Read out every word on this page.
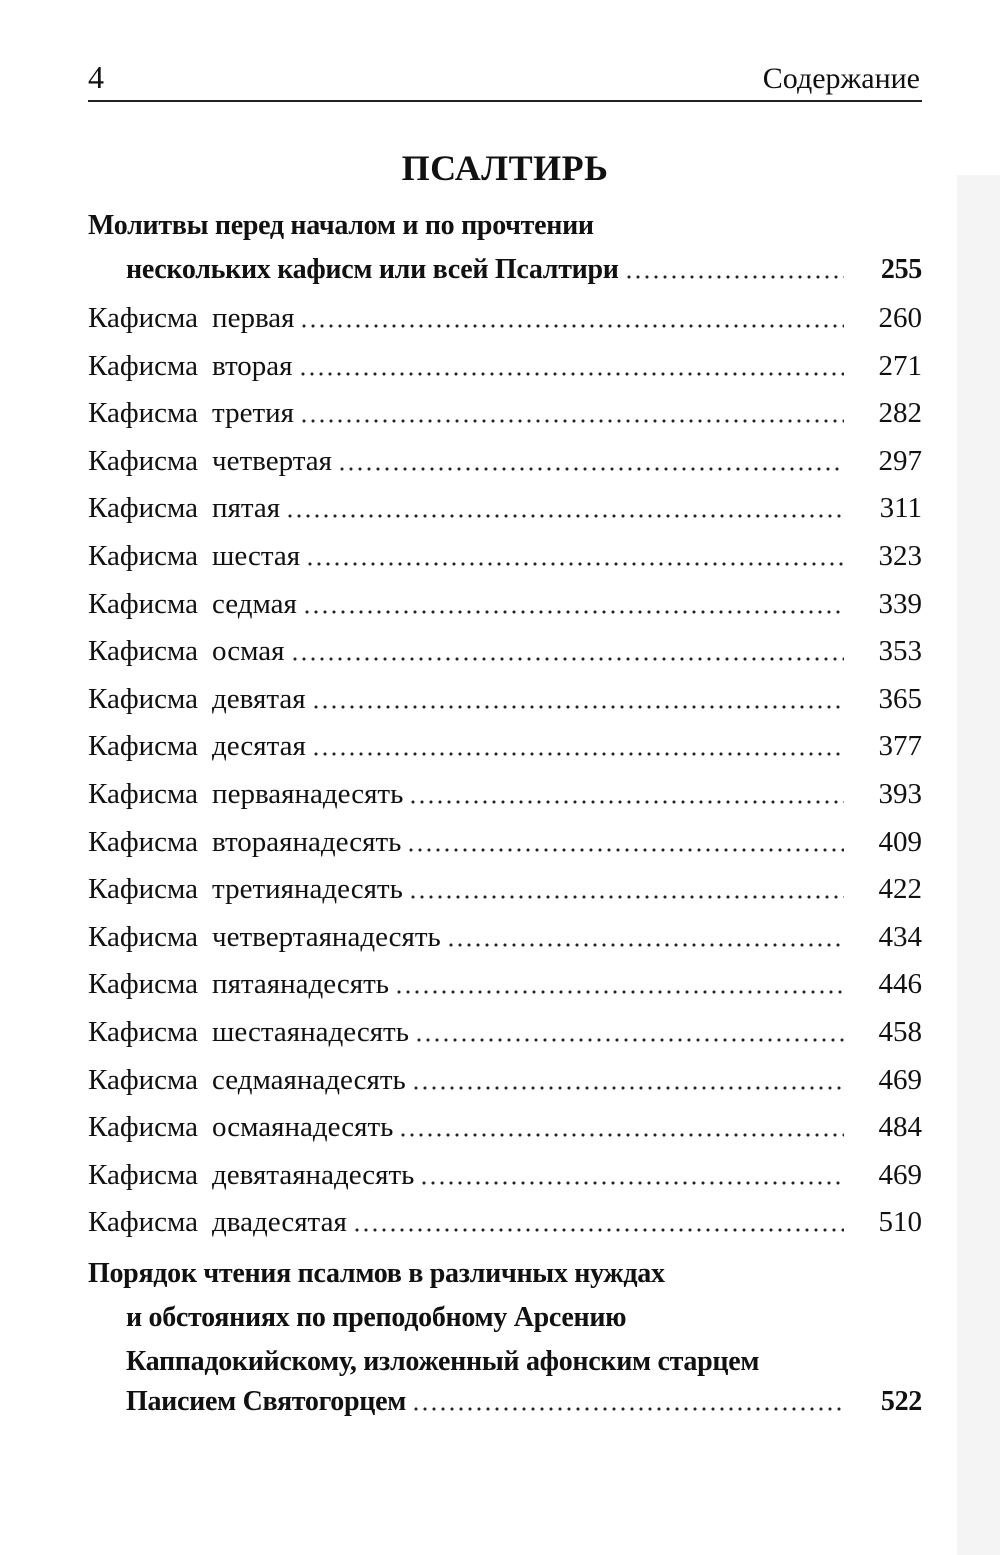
4	Содержание
ПСАЛТИРЬ
Молитвы перед началом и по прочтении
нескольких кафисм или всей Псалтири	255
Кафисма первая	260
Кафисма вторая	271
Кафисма третия	282
Кафисма четвертая	297
Кафисма пятая	311
Кафисма шестая	323
Кафисма седмая	339
Кафисма осмая	353
Кафисма девятая	365
Кафисма десятая	377
Кафисма перваянадесять	393
Кафисма втораянадесять	409
Кафисма третиянадесять	422
Кафисма четвертаянадесять	434
Кафисма пятаянадесять	446
Кафисма шестаянадесять	458
Кафисма седмаянадесять	469
Кафисма осмаянадесять	484
Кафисма девятаянадесять	469
Кафисма двадесятая	510
Порядок чтения псалмов в различных нуждах
и обстояниях по преподобному Арсению
Каппадокийскому, изложенный афонским старцем
Паисием Святогорцем	522
